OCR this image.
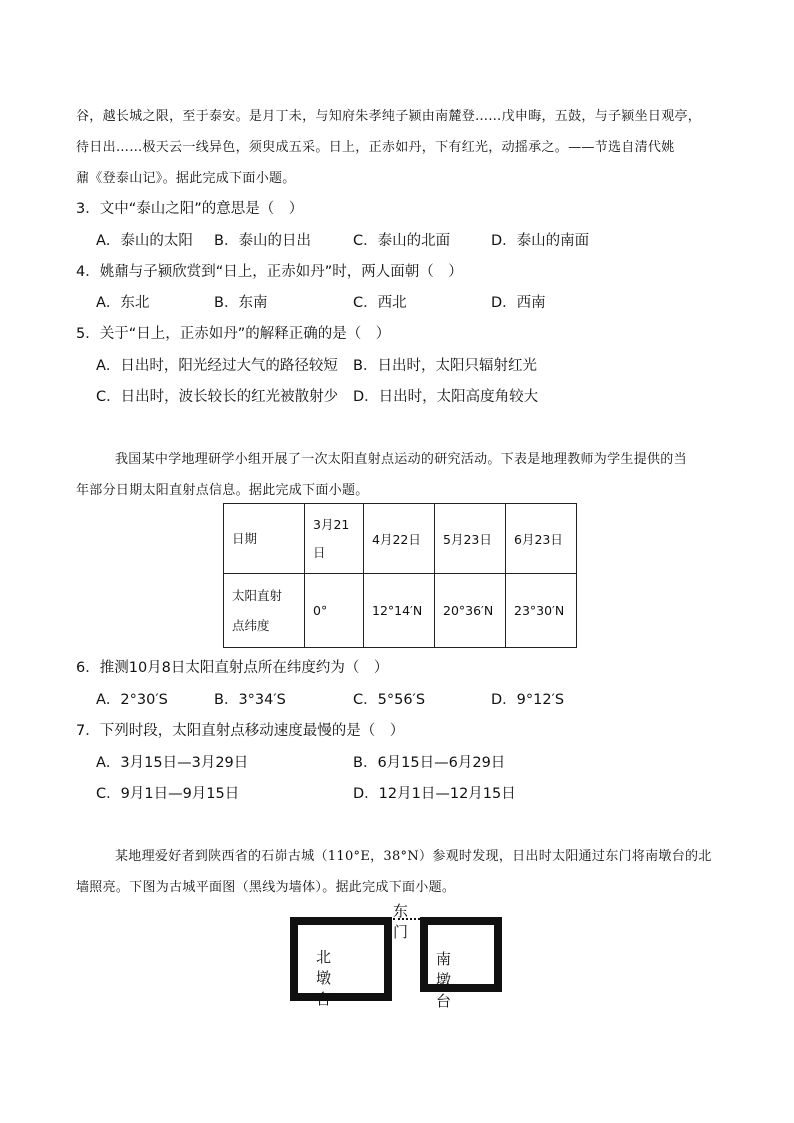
谷，越长城之限，至于泰安。是月丁未，与知府朱孝纯子颍由南麓登……戊申晦，五鼓，与子颍坐日观亭，
待日出……极天云一线异色，须臾成五采。日上，正赤如丹，下有红光，动摇承之。——节选自清代姚
鼐《登泰山记》。据此完成下面小题。
3．文中“泰山之阳”的意思是（　）
A．泰山的太阳 B．泰山的日出	C．泰山的北面	D．泰山的南面
4．姚鼐与子颍欣赏到“日上，正赤如丹”时，两人面朝（　）
A．东北	B．东南	C．西北	D．西南
5．关于“日上，正赤如丹”的解释正确的是（　）
A．日出时，阳光经过大气的路径较短 B．日出时，太阳只辐射红光
C．日出时，波长较长的红光被散射少 D．日出时，太阳高度角较大
我国某中学地理研学小组开展了一次太阳直射点运动的研究活动。下表是地理教师为学生提供的当
年部分日期太阳直射点信息。据此完成下面小题。
日期	3月21
日	4月22日	5月23日	6月23日
太阳直射
点纬度	0°	12°14′N	20°36′N	23°30′N
6．推测10月8日太阳直射点所在纬度约为（　）
A．2°30′S	B．3°34′S	C．5°56′S	D．9°12′S
7．下列时段，太阳直射点移动速度最慢的是（　）
A．3月15日—3月29日	B．6月15日—6月29日
C．9月1日—9月15日	D．12月1日—12月15日
某地理爱好者到陕西省的石峁古城（110°E，38°N）参观时发现，日出时太阳通过东门将南墩台的北
墙照亮。下图为古城平面图（黑线为墙体）。据此完成下面小题。
东门
北墩台
南墩台
